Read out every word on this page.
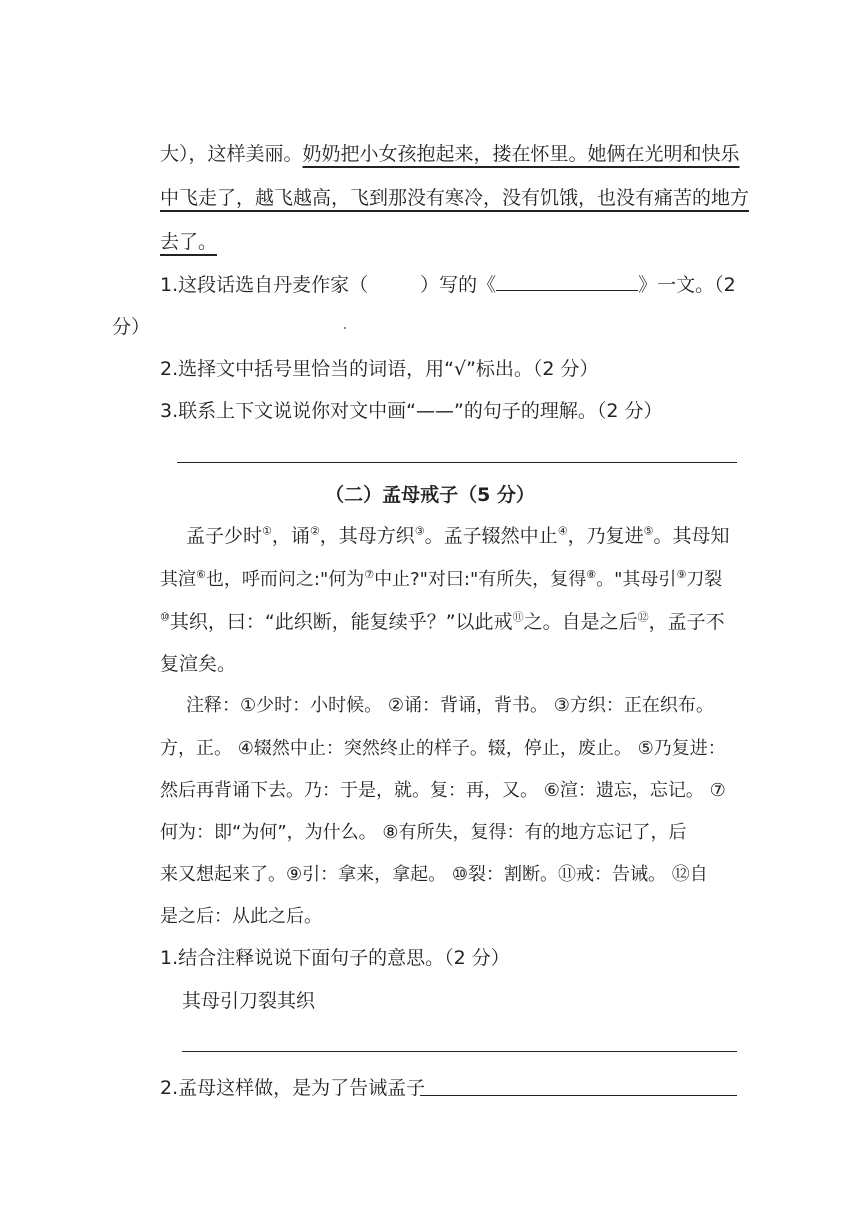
大），这样美丽。奶奶把小女孩抱起来，搂在怀里。她俩在光明和快乐
中飞走了，越飞越高，飞到那没有寒冷，没有饥饿，也没有痛苦的地方
去了。
1.这段话选自丹麦作家（	）写的《	》一文。（2
分）
2.选择文中括号里恰当的词语，用“√”标出。（2 分）
3.联系上下文说说你对文中画“——”的句子的理解。（2 分）
（二）孟母戒子（5 分）
孟子少时①，诵②，其母方织③。孟子辍然中止④，乃复进⑤。其母知
其渲⑥也，呼而问之:"何为⑦中止?"对曰:"有所失，复得⑧。"其母引⑨刀裂
⑩其织，曰：“此织断，能复续乎？”以此戒⑪之。自是之后⑫，孟子不
复渲矣。
注释：①少时：小时候。 ②诵：背诵，背书。 ③方织：正在织布。
方，正。 ④辍然中止：突然终止的样子。辍，停止，废止。 ⑤乃复进：
然后再背诵下去。乃：于是，就。复：再，又。 ⑥渲：遗忘，忘记。 ⑦
何为：即“为何”，为什么。 ⑧有所失，复得：有的地方忘记了，后
来又想起来了。⑨引：拿来，拿起。 ⑩裂：割断。⑪戒：告诫。 ⑫自
是之后：从此之后。
1.结合注释说说下面句子的意思。（2 分）
其母引刀裂其织
2.孟母这样做，是为了告诫孟子
